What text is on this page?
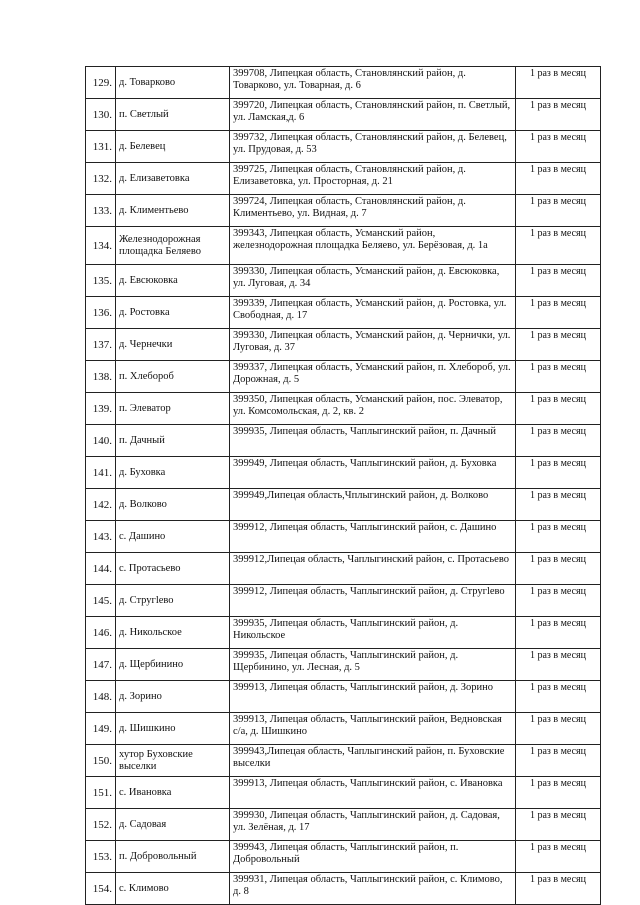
129.	д. Товарково	399708, Липецкая область, Становлянский район, д. Товарково, ул. Товарная, д. 6	1 раз в месяц
130.	п. Светлый	399720, Липецкая область, Становлянский район, п. Светлый, ул. Ламская,д. 6	1 раз в месяц
131.	д. Белевец	399732, Липецкая область, Становлянский район, д. Белевец, ул. Прудовая, д. 53	1 раз в месяц
132.	д. Елизаветовка	399725, Липецкая область, Становлянский район, д. Елизаветовка, ул. Просторная, д. 21	1 раз в месяц
133.	д. Климентьево	399724, Липецкая область, Становлянский район, д. Климентьево, ул. Видная, д. 7	1 раз в месяц
134.	Железнодорожная площадка Беляево	399343, Липецкая область, Усманский район, железнодорожная площадка Беляево, ул. Берёзовая, д. 1а	1 раз в месяц
135.	д. Евсюковка	399330, Липецкая область, Усманский район, д. Евсюковка, ул. Луговая, д. 34	1 раз в месяц
136.	д. Ростовка	399339, Липецкая область, Усманский район, д. Ростовка, ул. Свободная, д. 17	1 раз в месяц
137.	д. Чернечки	399330, Липецкая область, Усманский район, д. Чернички, ул. Луговая, д. 37	1 раз в месяц
138.	п. Хлебороб	399337, Липецкая область, Усманский район, п. Хлебороб, ул. Дорожная, д. 5	1 раз в месяц
139.	п. Элеватор	399350, Липецкая область, Усманский район, пос. Элеватор, ул. Комсомольская, д. 2, кв. 2	1 раз в месяц
140.	п. Дачный	399935, Липецая область, Чаплыгинский район, п. Дачный	1 раз в месяц
141.	д. Буховка	399949, Липецая область, Чаплыгинский район, д. Буховка	1 раз в месяц
142.	д. Волково	399949,Липецая область,Чплыгинский район, д. Волково	1 раз в месяц
143.	с. Дашино	399912, Липецая область, Чаплыгинский район, с. Дашино	1 раз в месяц
144.	с. Протасьево	399912,Липецая область, Чаплыгинский район, с. Протасьево	1 раз в месяц
145.	д. Стругleво	399912, Липецая область, Чаплыгинский район, д. Стругleво	1 раз в месяц
146.	д. Никольское	399935, Липецая область, Чаплыгинский район, д. Никольское	1 раз в месяц
147.	д. Щербинино	399935, Липецая область, Чаплыгинский район, д. Щербинино, ул. Лесная, д. 5	1 раз в месяц
148.	д. Зорино	399913, Липецая область, Чаплыгинский район, д. Зорино	1 раз в месяц
149.	д. Шишкино	399913, Липецая область, Чаплыгинский район, Ведновская с/а, д. Шишкино	1 раз в месяц
150.	хутор Буховские выселки	399943,Липецая область, Чаплыгинский район, п. Буховские выселки	1 раз в месяц
151.	с. Ивановка	399913, Липецая область, Чаплыгинский район, с. Ивановка	1 раз в месяц
152.	д. Садовая	399930, Липецая область, Чаплыгинский район, д. Садовая, ул. Зелёная, д. 17	1 раз в месяц
153.	п. Добровольный	399943, Липецая область, Чаплыгинский район, п. Добровольный	1 раз в месяц
154.	с. Климово	399931, Липецая область, Чаплыгинский район, с. Климово, д. 8	1 раз в месяц
